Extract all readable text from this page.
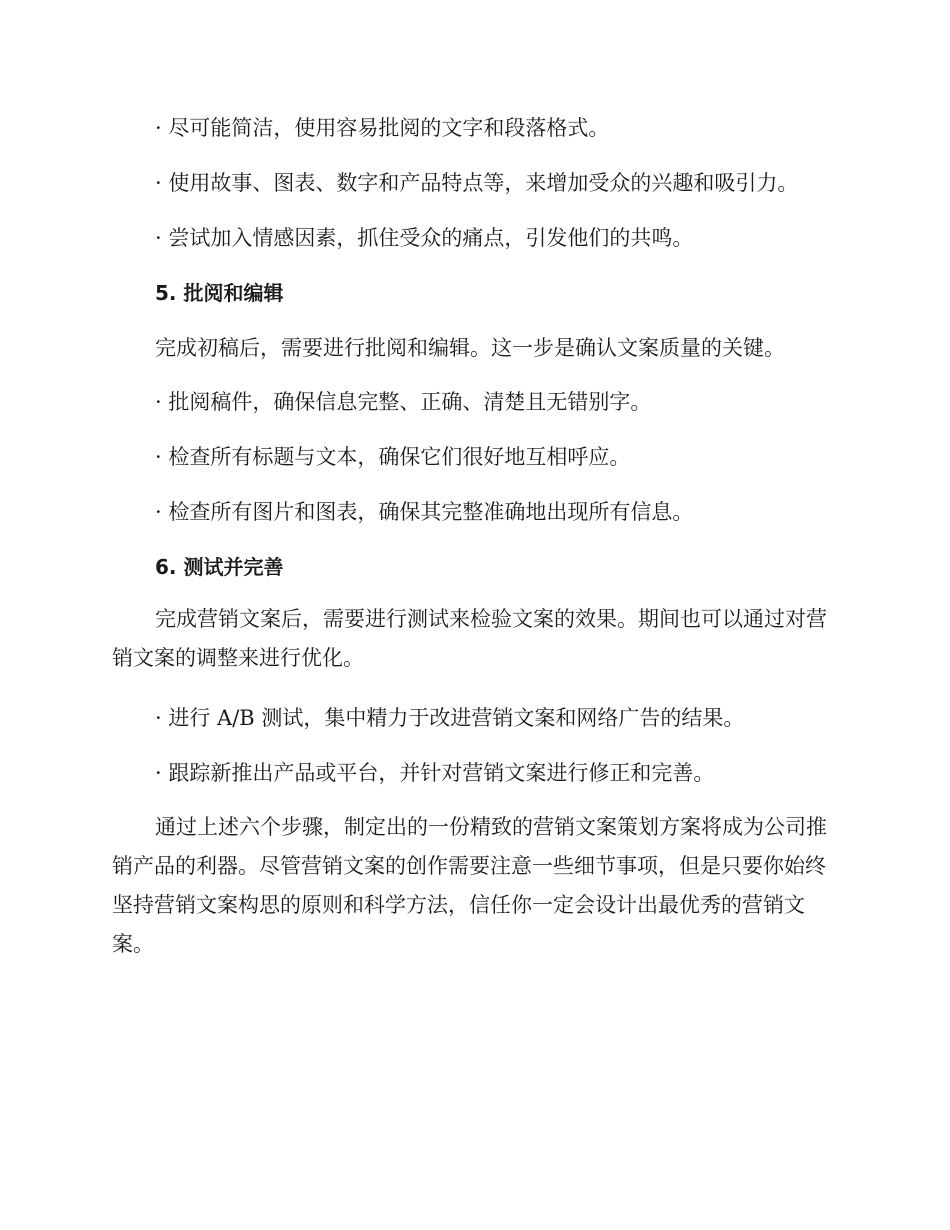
· 尽可能简洁，使用容易批阅的文字和段落格式。
· 使用故事、图表、数字和产品特点等，来增加受众的兴趣和吸引力。
· 尝试加入情感因素，抓住受众的痛点，引发他们的共鸣。
5. 批阅和编辑
完成初稿后，需要进行批阅和编辑。这一步是确认文案质量的关键。
· 批阅稿件，确保信息完整、正确、清楚且无错别字。
· 检查所有标题与文本，确保它们很好地互相呼应。
· 检查所有图片和图表，确保其完整准确地出现所有信息。
6. 测试并完善
完成营销文案后，需要进行测试来检验文案的效果。期间也可以通过对营销文案的调整来进行优化。
· 进行 A/B 测试，集中精力于改进营销文案和网络广告的结果。
· 跟踪新推出产品或平台，并针对营销文案进行修正和完善。
通过上述六个步骤，制定出的一份精致的营销文案策划方案将成为公司推销产品的利器。尽管营销文案的创作需要注意一些细节事项，但是只要你始终坚持营销文案构思的原则和科学方法，信任你一定会设计出最优秀的营销文案。
